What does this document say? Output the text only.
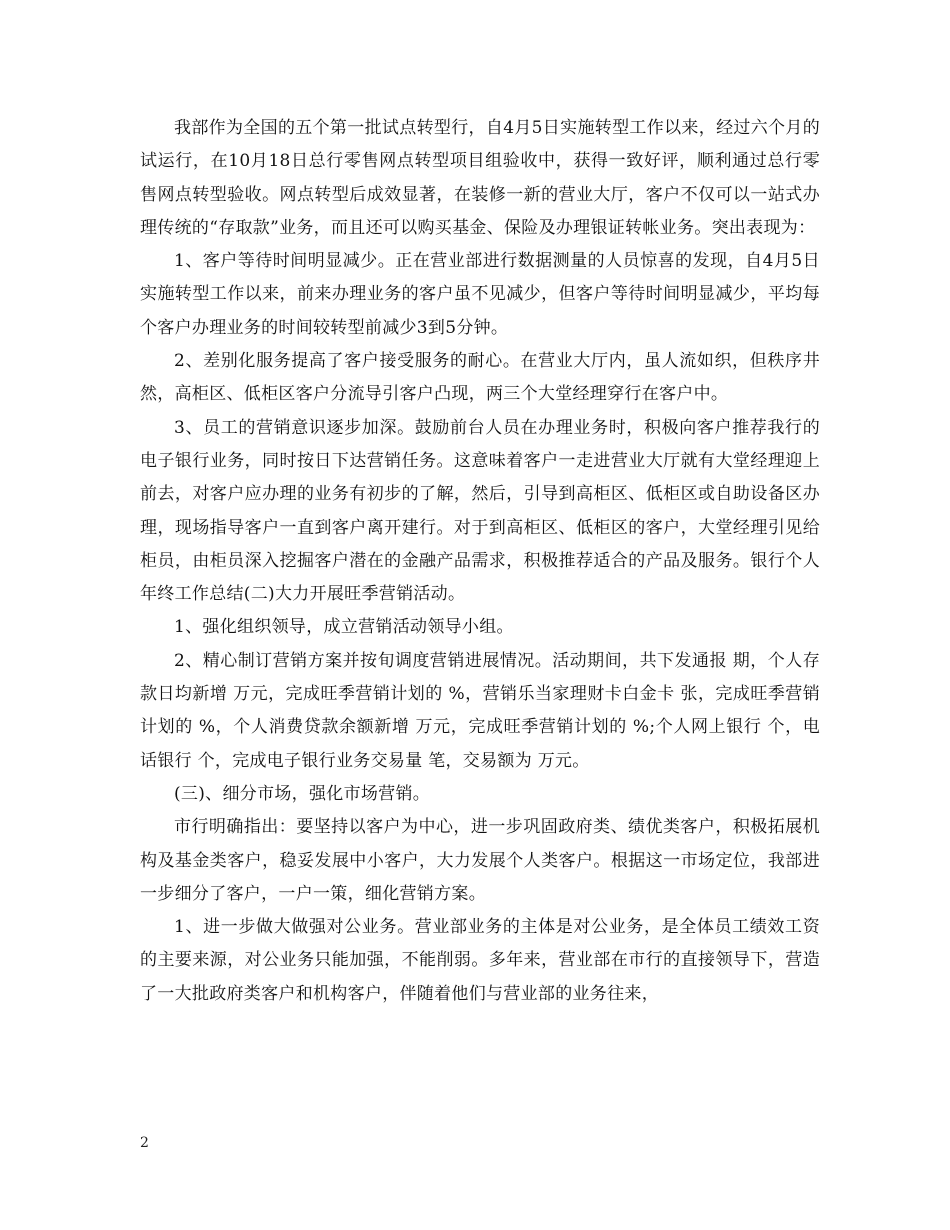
我部作为全国的五个第一批试点转型行，自4月5日实施转型工作以来，经过六个月的试运行，在10月18日总行零售网点转型项目组验收中，获得一致好评，顺利通过总行零售网点转型验收。网点转型后成效显著，在装修一新的营业大厅，客户不仅可以一站式办理传统的“存取款”业务，而且还可以购买基金、保险及办理银证转帐业务。突出表现为：

1、客户等待时间明显减少。正在营业部进行数据测量的人员惊喜的发现，自4月5日实施转型工作以来，前来办理业务的客户虽不见减少，但客户等待时间明显减少，平均每个客户办理业务的时间较转型前减少3到5分钟。

2、差别化服务提高了客户接受服务的耐心。在营业大厅内，虽人流如织，但秩序井然，高柜区、低柜区客户分流导引客户凸现，两三个大堂经理穿行在客户中。

3、员工的营销意识逐步加深。鼓励前台人员在办理业务时，积极向客户推荐我行的电子银行业务，同时按日下达营销任务。这意味着客户一走进营业大厅就有大堂经理迎上前去，对客户应办理的业务有初步的了解，然后，引导到高柜区、低柜区或自助设备区办理，现场指导客户一直到客户离开建行。对于到高柜区、低柜区的客户，大堂经理引见给柜员，由柜员深入挖掘客户潜在的金融产品需求，积极推荐适合的产品及服务。银行个人年终工作总结(二)大力开展旺季营销活动。

1、强化组织领导，成立营销活动领导小组。

2、精心制订营销方案并按旬调度营销进展情况。活动期间，共下发通报 期，个人存款日均新增 万元，完成旺季营销计划的 %，营销乐当家理财卡白金卡 张，完成旺季营销计划的 %，个人消费贷款余额新增 万元，完成旺季营销计划的 %;个人网上银行 个，电话银行 个，完成电子银行业务交易量 笔，交易额为 万元。

(三)、细分市场，强化市场营销。

市行明确指出：要坚持以客户为中心，进一步巩固政府类、绩优类客户，积极拓展机构及基金类客户，稳妥发展中小客户，大力发展个人类客户。根据这一市场定位，我部进一步细分了客户，一户一策，细化营销方案。

1、进一步做大做强对公业务。营业部业务的主体是对公业务，是全体员工绩效工资的主要来源，对公业务只能加强，不能削弱。多年来，营业部在市行的直接领导下，营造了一大批政府类客户和机构客户，伴随着他们与营业部的业务往来，

2
